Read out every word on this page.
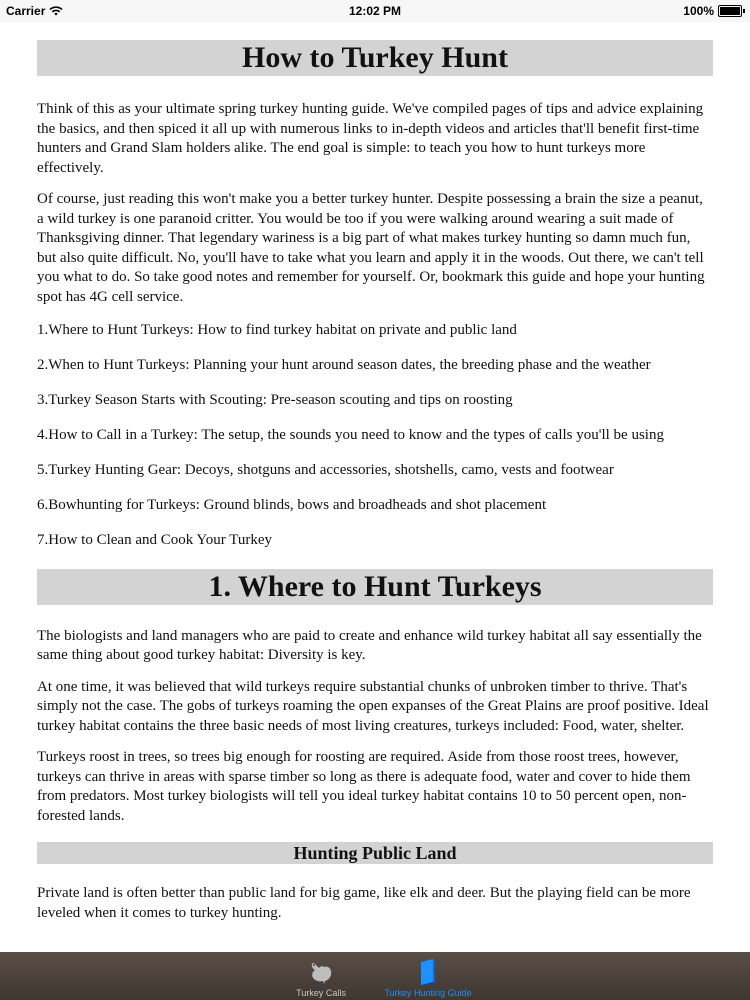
Carrier	12:02 PM	100%
How to Turkey Hunt

Think of this as your ultimate spring turkey hunting guide. We've compiled pages of tips and advice explaining the basics, and then spiced it all up with numerous links to in-depth videos and articles that'll benefit first-time hunters and Grand Slam holders alike. The end goal is simple: to teach you how to hunt turkeys more effectively.

Of course, just reading this won't make you a better turkey hunter. Despite possessing a brain the size a peanut, a wild turkey is one paranoid critter. You would be too if you were walking around wearing a suit made of Thanksgiving dinner. That legendary wariness is a big part of what makes turkey hunting so damn much fun, but also quite difficult. No, you'll have to take what you learn and apply it in the woods. Out there, we can't tell you what to do. So take good notes and remember for yourself. Or, bookmark this guide and hope your hunting spot has 4G cell service.

1.Where to Hunt Turkeys: How to find turkey habitat on private and public land

2.When to Hunt Turkeys: Planning your hunt around season dates, the breeding phase and the weather

3.Turkey Season Starts with Scouting: Pre-season scouting and tips on roosting

4.How to Call in a Turkey: The setup, the sounds you need to know and the types of calls you'll be using

5.Turkey Hunting Gear: Decoys, shotguns and accessories, shotshells, camo, vests and footwear

6.Bowhunting for Turkeys: Ground blinds, bows and broadheads and shot placement

7.How to Clean and Cook Your Turkey

1. Where to Hunt Turkeys

The biologists and land managers who are paid to create and enhance wild turkey habitat all say essentially the same thing about good turkey habitat: Diversity is key.

At one time, it was believed that wild turkeys require substantial chunks of unbroken timber to thrive. That's simply not the case. The gobs of turkeys roaming the open expanses of the Great Plains are proof positive. Ideal turkey habitat contains the three basic needs of most living creatures, turkeys included: Food, water, shelter.

Turkeys roost in trees, so trees big enough for roosting are required. Aside from those roost trees, however, turkeys can thrive in areas with sparse timber so long as there is adequate food, water and cover to hide them from predators. Most turkey biologists will tell you ideal turkey habitat contains 10 to 50 percent open, non-forested lands.

Hunting Public Land

Private land is often better than public land for big game, like elk and deer. But the playing field can be more leveled when it comes to turkey hunting.

Turkey Calls	Turkey Hunting Guide
